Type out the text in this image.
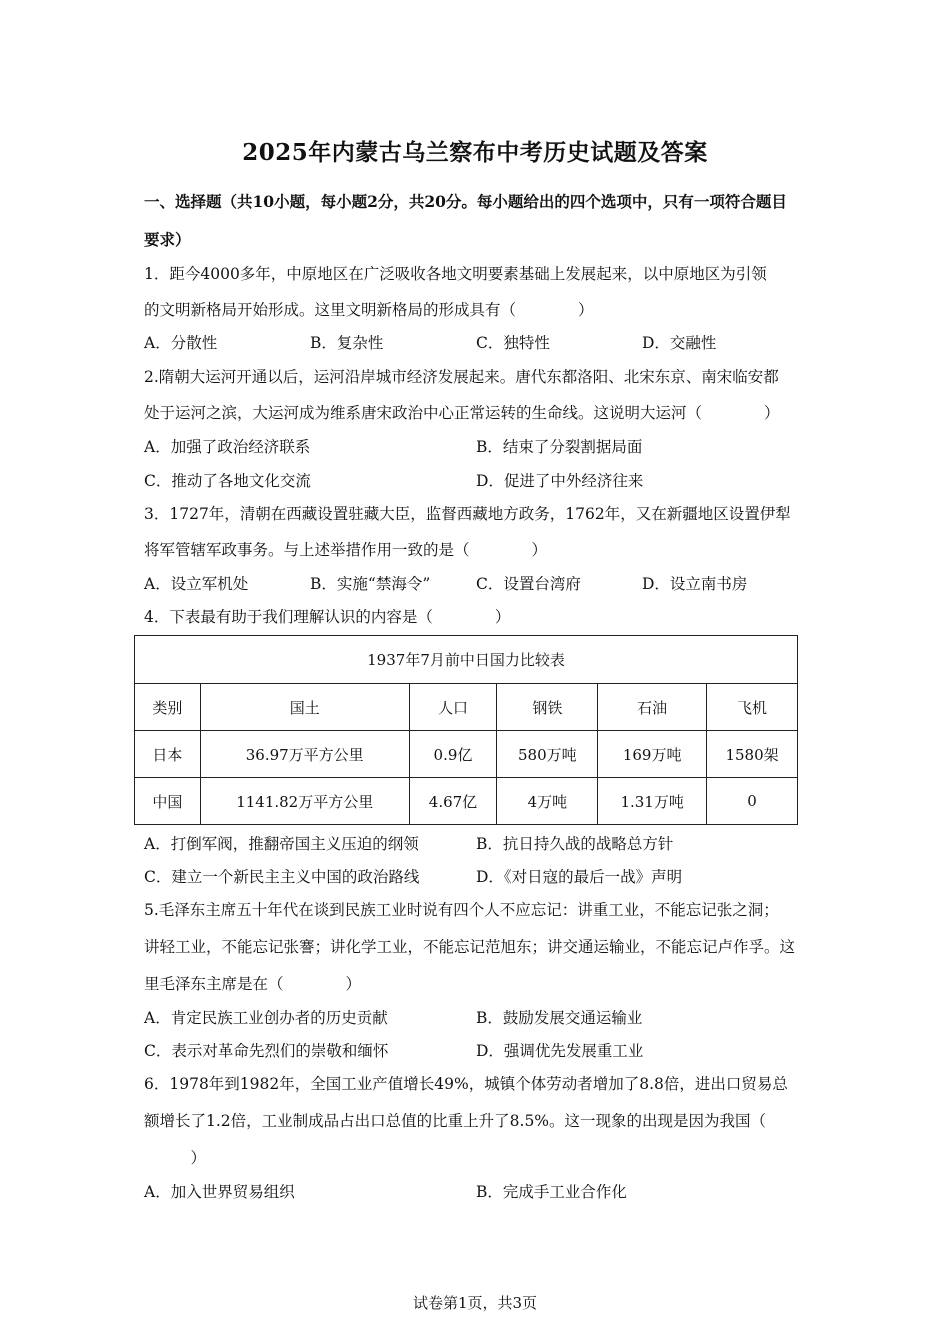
2025年内蒙古乌兰察布中考历史试题及答案
一、选择题（共10小题，每小题2分，共20分。每小题给出的四个选项中，只有一项符合题目
要求）
1．距今4000多年，中原地区在广泛吸收各地文明要素基础上发展起来，以中原地区为引领
的文明新格局开始形成。这里文明新格局的形成具有（　　　　）
A．分散性	B．复杂性	C．独特性	D．交融性
2.隋朝大运河开通以后，运河沿岸城市经济发展起来。唐代东都洛阳、北宋东京、南宋临安都
处于运河之滨，大运河成为维系唐宋政治中心正常运转的生命线。这说明大运河（　　　　）
A．加强了政治经济联系	B．结束了分裂割据局面
C．推动了各地文化交流	D．促进了中外经济往来
3．1727年，清朝在西藏设置驻藏大臣，监督西藏地方政务，1762年，又在新疆地区设置伊犁
将军管辖军政事务。与上述举措作用一致的是（　　　　）
A．设立军机处	B．实施“禁海令”	C．设置台湾府	D．设立南书房
4．下表最有助于我们理解认识的内容是（　　　　）
1937年7月前中日国力比较表					
类别	国土	人口	钢铁	石油	飞机
日本	36.97万平方公里	0.9亿	580万吨	169万吨	1580架
中国	1141.82万平方公里	4.67亿	4万吨	1.31万吨	0
A．打倒军阀，推翻帝国主义压迫的纲领	B．抗日持久战的战略总方针
C．建立一个新民主主义中国的政治路线	D．《对日寇的最后一战》声明
5.毛泽东主席五十年代在谈到民族工业时说有四个人不应忘记：讲重工业，不能忘记张之洞；
讲轻工业，不能忘记张謇；讲化学工业，不能忘记范旭东；讲交通运输业，不能忘记卢作孚。这
里毛泽东主席是在（　　　　）
A．肯定民族工业创办者的历史贡献	B．鼓励发展交通运输业
C．表示对革命先烈们的崇敬和缅怀	D．强调优先发展重工业
6．1978年到1982年，全国工业产值增长49%，城镇个体劳动者增加了8.8倍，进出口贸易总
额增长了1.2倍，工业制成品占出口总值的比重上升了8.5%。这一现象的出现是因为我国（
　　　）
A．加入世界贸易组织	B．完成手工业合作化
试卷第1页，共3页
